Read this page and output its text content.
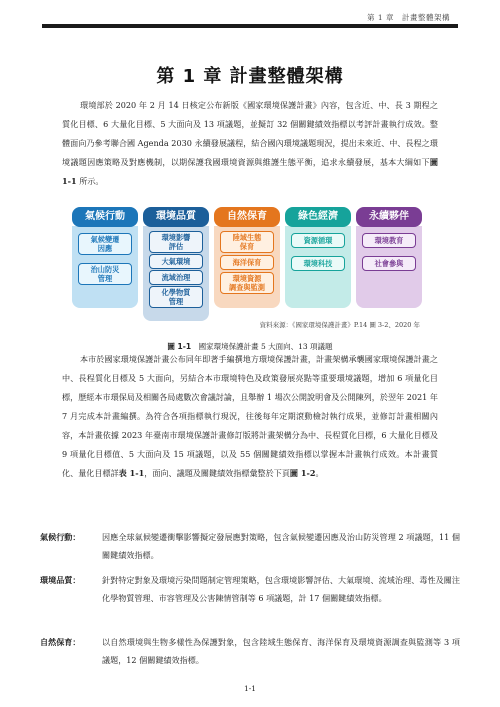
第 1 章　計畫整體架構
第 1 章 計畫整體架構
環境部於 2020 年 2 月 14 日核定公布新版《國家環境保護計畫》內容，包含近、中、長 3 期程之質化目標、6 大量化目標、5 大面向及 13 項議題，並擬訂 32 個關鍵績效指標以考評計畫執行成效。整體面向乃參考聯合國 Agenda 2030 永續發展議程，結合國內環境議題現況，提出未來近、中、長程之環境議題因應策略及對應機制，以期保護我國環境資源與維護生態平衡，追求永續發展，基本大綱如下圖 1-1 所示。
氣候行動
氣候變遷
因應
治山防災
管理
環境品質
環境影響
評估
大氣環境
流域治理
化學物質
管理
自然保育
陸域生態
保育
海洋保育
環境資源
調查與監測
綠色經濟
資源循環
環境科技
永續夥伴
環境教育
社會參與
資料來源：《國家環境保護計畫》P.14 圖 3-2、2020 年
圖 1-1　 國家環境保護計畫 5 大面向、13 項議題
本市於國家環境保護計畫公布同年即著手編撰地方環境保護計畫，計畫架構承襲國家環境保護計畫之中、長程質化目標及 5 大面向，另結合本市環境特色及政策發展亮點等重要環境議題，增加 6 項量化目標，歷經本市環保局及相關各局處數次會議討論，且舉辦 1 場次公開說明會及公開陳列，於翌年 2021 年 7 月完成本計畫編撰。為符合各項指標執行現況，往後每年定期滾動檢討執行成果，並修訂計畫相關內容，本計畫依據 2023 年臺南市環境保護計畫修訂版將計畫架構分為中、長程質化目標，6 大量化目標及 9 項量化目標值、5 大面向及 15 項議題，以及 55 個關鍵績效指標以掌握本計畫執行成效。本計畫質化、量化目標詳表 1-1，面向、議題及關鍵績效指標彙整於下頁圖 1-2。
氣候行動：	因應全球氣候變遷衝擊影響擬定發展應對策略，包含氣候變遷因應及治山防災管理 2 項議題，11 個關鍵績效指標。
環境品質：	針對特定對象及環境污染問題制定管理策略，包含環境影響評估、大氣環境、流域治理、毒性及關注化學物質管理、市容管理及公害陳情管制等 6 項議題，計 17 個關鍵績效指標。
自然保育：	以自然環境與生物多樣性為保護對象，包含陸域生態保育、海洋保育及環境資源調查與監測等 3 項議題，12 個關鍵績效指標。
1-1
